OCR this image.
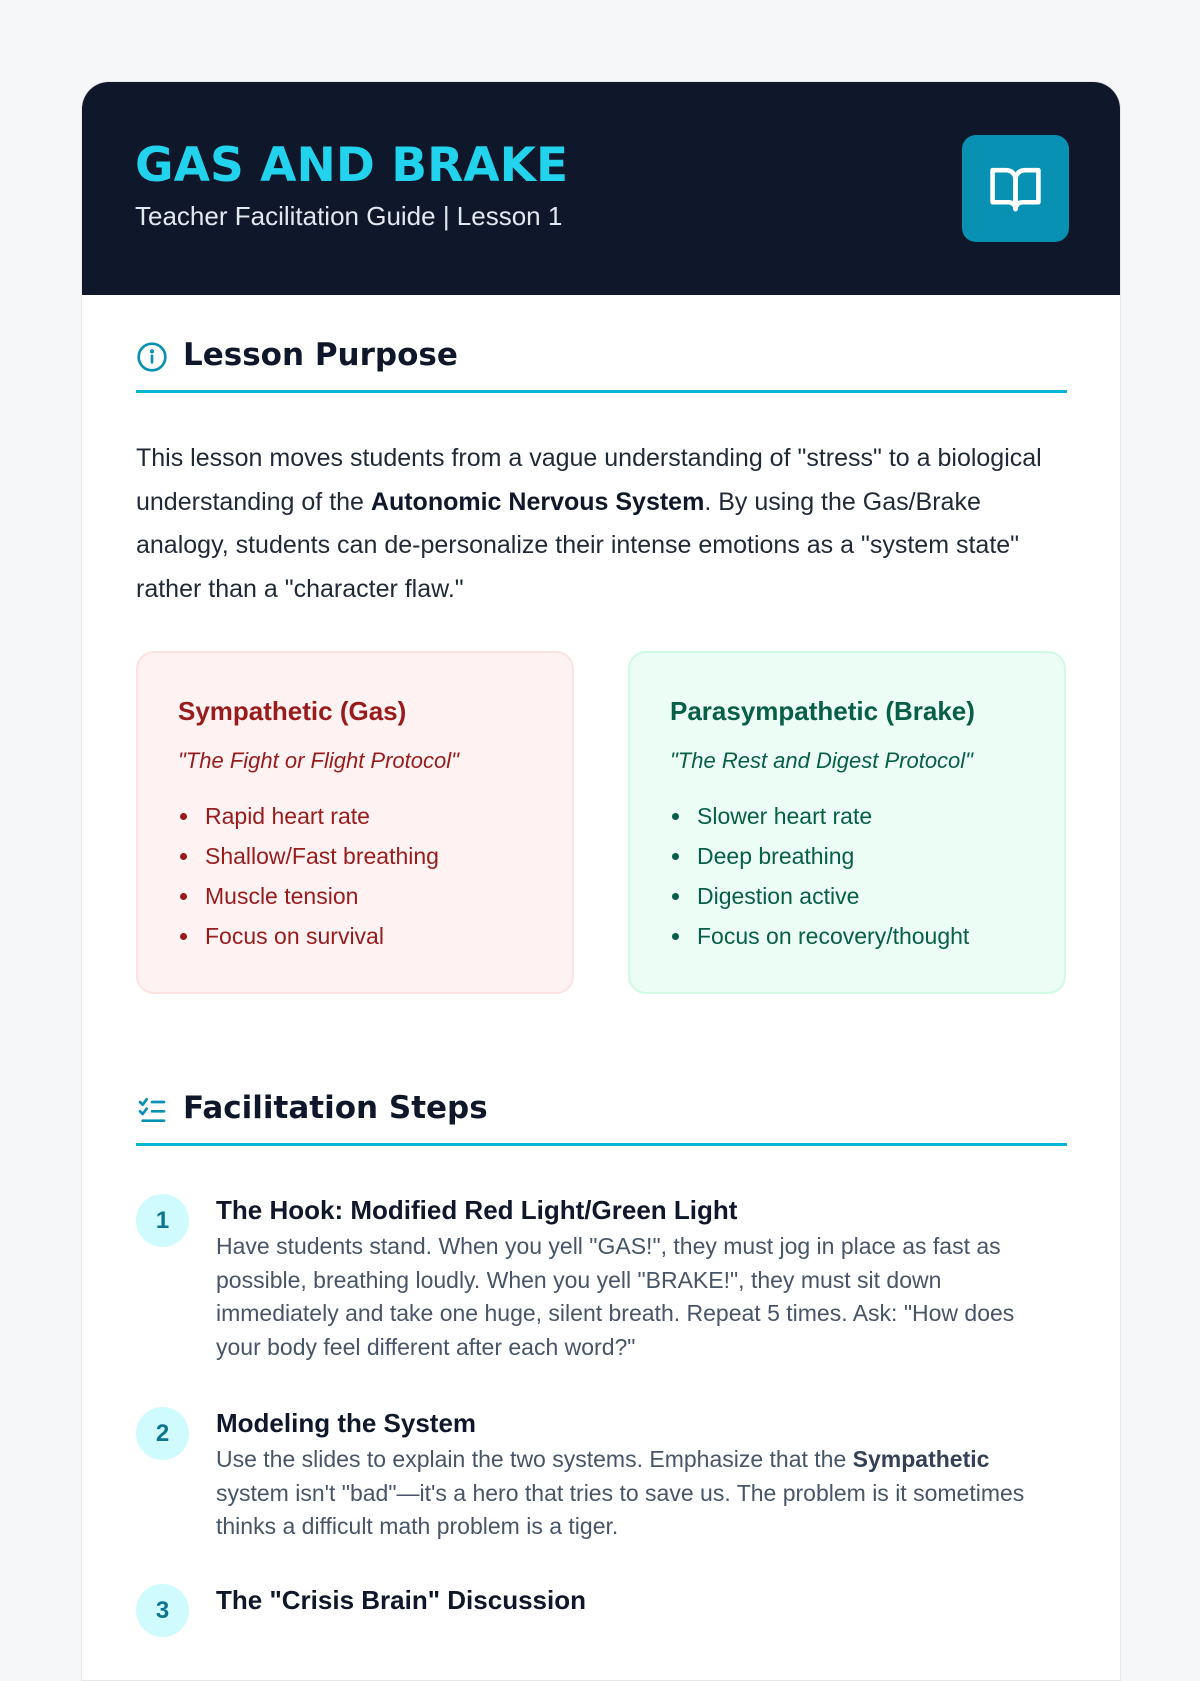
GAS AND BRAKE
Teacher Facilitation Guide | Lesson 1
Lesson Purpose

This lesson moves students from a vague understanding of "stress" to a biological understanding of the Autonomic Nervous System. By using the Gas/Brake analogy, students can de-personalize their intense emotions as a "system state" rather than a "character flaw."

Sympathetic (Gas)
"The Fight or Flight Protocol"
Rapid heart rate
Shallow/Fast breathing
Muscle tension
Focus on survival
Parasympathetic (Brake)
"The Rest and Digest Protocol"
Slower heart rate
Deep breathing
Digestion active
Focus on recovery/thought
Facilitation Steps
1	The Hook: Modified Red Light/Green Light

Have students stand. When you yell "GAS!", they must jog in place as fast as possible, breathing loudly. When you yell "BRAKE!", they must sit down immediately and take one huge, silent breath. Repeat 5 times. Ask: "How does your body feel different after each word?"

2	Modeling the System

Use the slides to explain the two systems. Emphasize that the Sympathetic system isn't "bad"—it's a hero that tries to save us. The problem is it sometimes thinks a difficult math problem is a tiger.

3	The "Crisis Brain" Discussion
